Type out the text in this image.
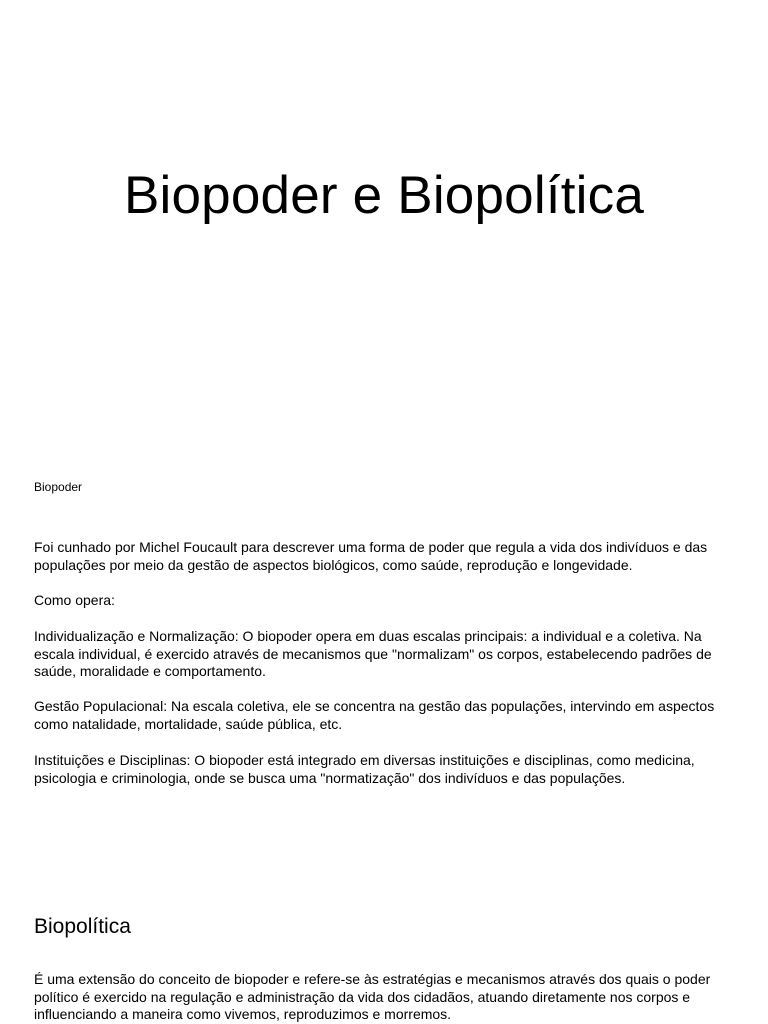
Biopoder e Biopolítica

Biopoder

Foi cunhado por Michel Foucault para descrever uma forma de poder que regula a vida dos indivíduos e das populações por meio da gestão de aspectos biológicos, como saúde, reprodução e longevidade.

Como opera:

Individualização e Normalização: O biopoder opera em duas escalas principais: a individual e a coletiva. Na escala individual, é exercido através de mecanismos que "normalizam" os corpos, estabelecendo padrões de saúde, moralidade e comportamento.

Gestão Populacional: Na escala coletiva, ele se concentra na gestão das populações, intervindo em aspectos como natalidade, mortalidade, saúde pública, etc.

Instituições e Disciplinas: O biopoder está integrado em diversas instituições e disciplinas, como medicina, psicologia e criminologia, onde se busca uma "normatização" dos indivíduos e das populações.

Biopolítica

É uma extensão do conceito de biopoder e refere-se às estratégias e mecanismos através dos quais o poder político é exercido na regulação e administração da vida dos cidadãos, atuando diretamente nos corpos e influenciando a maneira como vivemos, reproduzimos e morremos.
